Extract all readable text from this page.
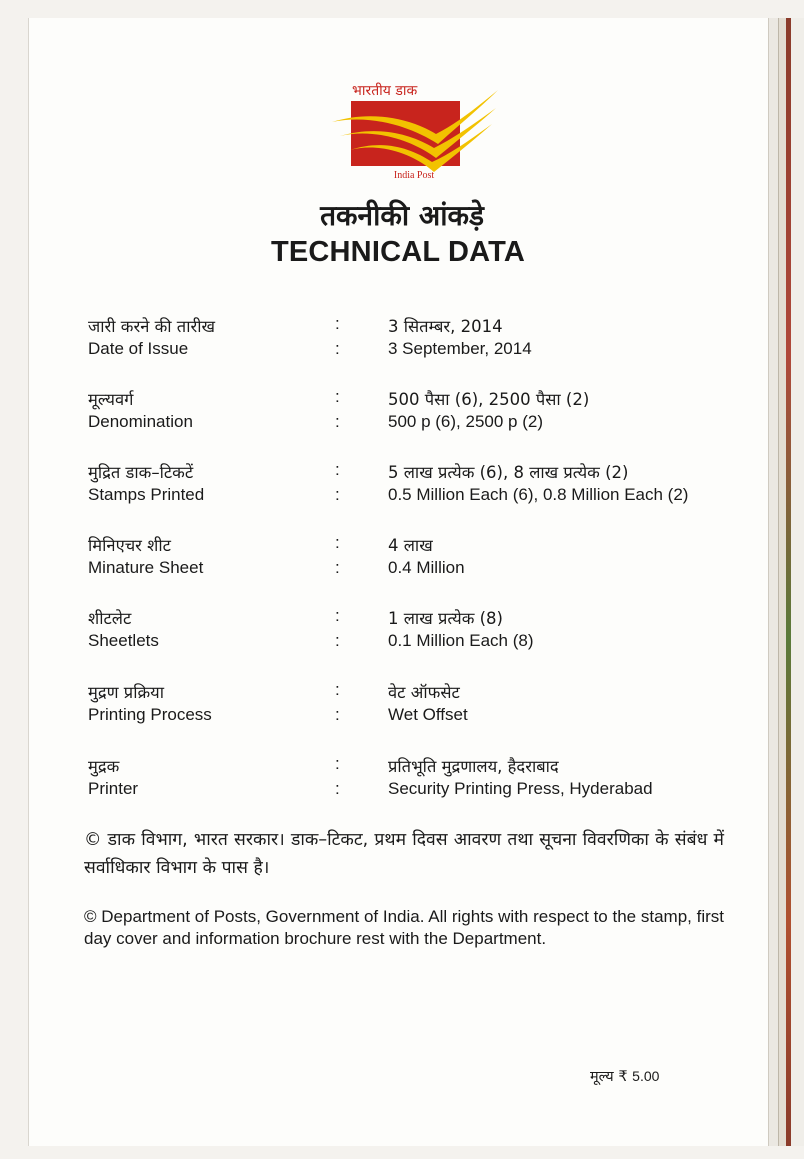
भारतीय डाक
India Post
तकनीकी आंकड़े
TECHNICAL DATA
जारी करने की तारीख	:	3 सितम्बर, 2014
Date of Issue	:	3 September, 2014
मूल्यवर्ग	:	500 पैसा (6), 2500 पैसा (2)
Denomination	:	500 p (6), 2500 p (2)
मुद्रित डाक–टिकटें	:	5 लाख प्रत्येक (6), 8 लाख प्रत्येक (2)
Stamps Printed	:	0.5 Million Each (6), 0.8 Million Each (2)
मिनिएचर शीट	:	4 लाख
Minature Sheet	:	0.4 Million
शीटलेट	:	1 लाख प्रत्येक (8)
Sheetlets	:	0.1 Million Each (8)
मुद्रण प्रक्रिया	:	वेट ऑफसेट
Printing Process	:	Wet Offset
मुद्रक	:	प्रतिभूति मुद्रणालय, हैदराबाद
Printer	:	Security Printing Press, Hyderabad

© डाक विभाग, भारत सरकार। डाक–टिकट, प्रथम दिवस आवरण तथा सूचना विवरणिका के संबंध में सर्वाधिकार विभाग के पास है।

© Department of Posts, Government of India. All rights with respect to the stamp, first day cover and information brochure rest with the Department.

मूल्य ₹ 5.00
